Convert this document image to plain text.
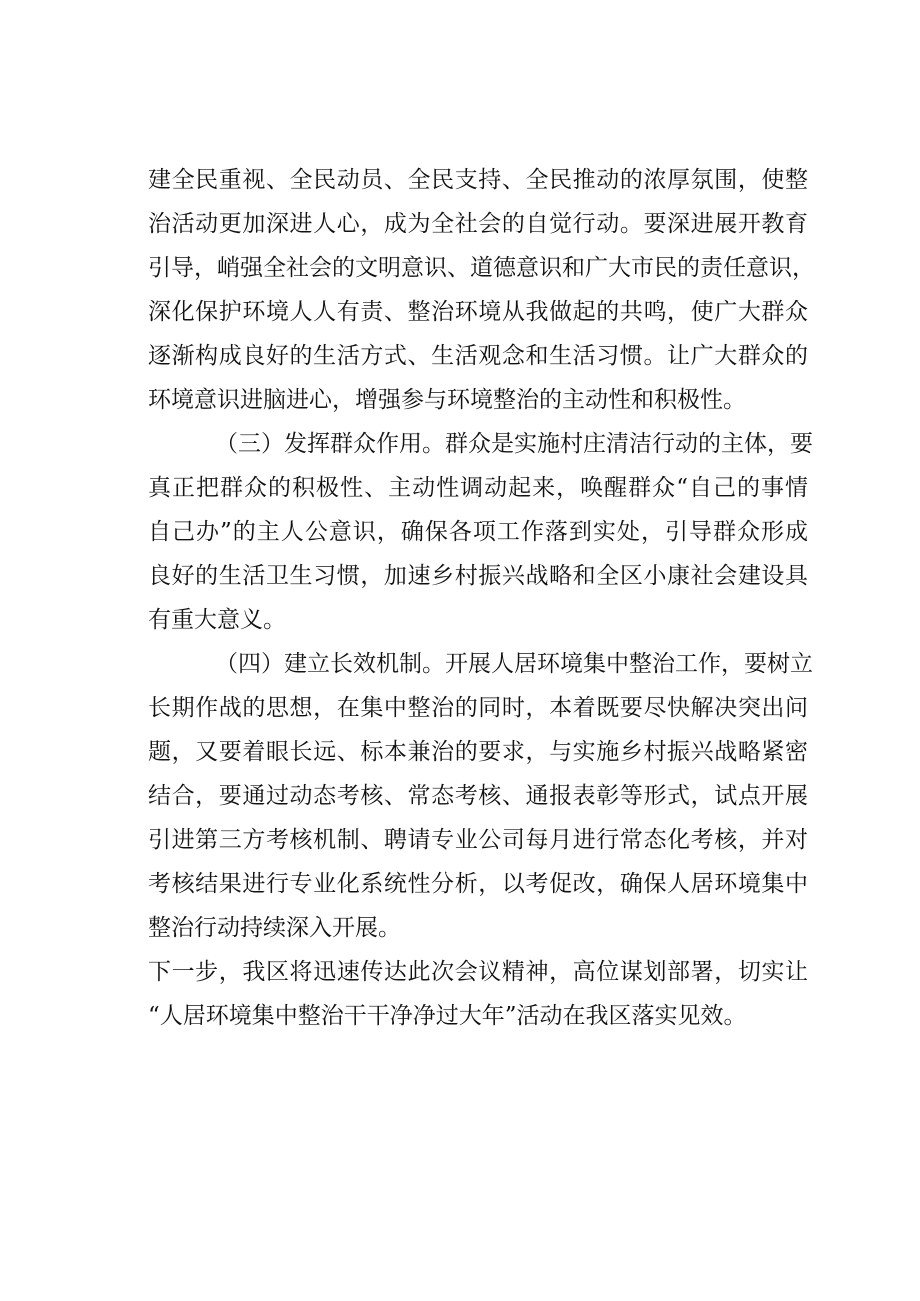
建全民重视、全民动员、全民支持、全民推动的浓厚氛围，使整
治活动更加深进人心，成为全社会的自觉行动。要深进展开教育
引导，峭强全社会的文明意识、道德意识和广大市民的责任意识，
深化保护环境人人有责、整治环境从我做起的共鸣，使广大群众
逐渐构成良好的生活方式、生活观念和生活习惯。让广大群众的
环境意识进脑进心，增强参与环境整治的主动性和积极性。
（三）发挥群众作用。群众是实施村庄清洁行动的主体，要
真正把群众的积极性、主动性调动起来，唤醒群众“自己的事情
自己办”的主人公意识，确保各项工作落到实处，引导群众形成
良好的生活卫生习惯，加速乡村振兴战略和全区小康社会建设具
有重大意义。
（四）建立长效机制。开展人居环境集中整治工作，要树立
长期作战的思想，在集中整治的同时，本着既要尽快解决突出问
题，又要着眼长远、标本兼治的要求，与实施乡村振兴战略紧密
结合，要通过动态考核、常态考核、通报表彰等形式，试点开展
引进第三方考核机制、聘请专业公司每月进行常态化考核，并对
考核结果进行专业化系统性分析，以考促改，确保人居环境集中
整治行动持续深入开展。
下一步，我区将迅速传达此次会议精神，高位谋划部署，切实让
“人居环境集中整治干干净净过大年”活动在我区落实见效。
